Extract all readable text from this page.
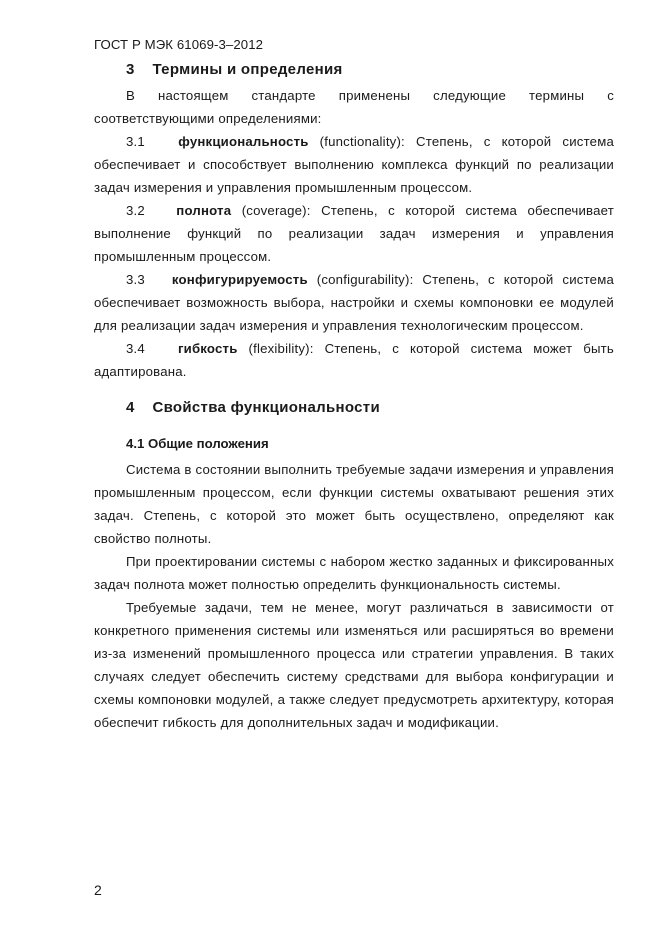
ГОСТ Р МЭК 61069-3–2012
3 Термины и определения

В настоящем стандарте применены следующие термины с соответствующими определениями:

3.1	функциональность (functionality): Степень, с которой система обеспечивает и способствует выполнению комплекса функций по реализации задач измерения и управления промышленным процессом.

3.2 полнота (coverage): Степень, с которой система обеспечивает выполнение функций по реализации задач измерения и управления промышленным процессом.

3.3 конфигурируемость (configurability): Степень, с которой система обеспечивает возможность выбора, настройки и схемы компоновки ее модулей для реализации задач измерения и управления технологическим процессом.

3.4	гибкость (flexibility): Степень, с которой система может быть адаптирована.

4 Свойства функциональности
4.1 Общие положения

Система в состоянии выполнить требуемые задачи измерения и управления промышленным процессом, если функции системы охватывают решения этих задач. Степень, с которой это может быть осуществлено, определяют как свойство полноты.

При проектировании системы с набором жестко заданных и фиксированных задач полнота может полностью определить функциональность системы.

Требуемые задачи, тем не менее, могут различаться в зависимости от конкретного применения системы или изменяться или расширяться во времени из-за изменений промышленного процесса или стратегии управления. В таких случаях следует обеспечить систему средствами для выбора конфигурации и схемы компоновки модулей, а также следует предусмотреть архитектуру, которая обеспечит гибкость для дополнительных задач и модификации.

2
